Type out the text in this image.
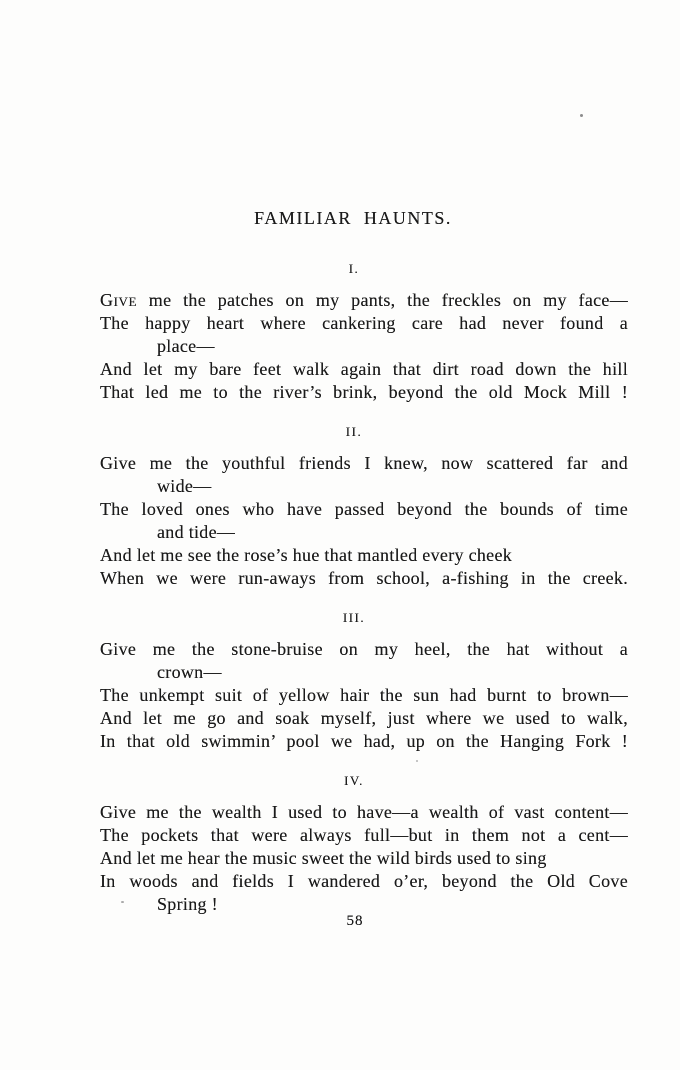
FAMILIAR HAUNTS.
I.
Give me the patches on my pants, the freckles on my face—
The happy heart where cankering care had never found a
place—
And let my bare feet walk again that dirt road down the hill
That led me to the river’s brink, beyond the old Mock Mill !
II.
Give me the youthful friends I knew, now scattered far and
wide—
The loved ones who have passed beyond the bounds of time
and tide—
And let me see the rose’s hue that mantled every cheek
When we were run-aways from school, a-fishing in the creek.
III.
Give me the stone-bruise on my heel, the hat without a
crown—
The unkempt suit of yellow hair the sun had burnt to brown—
And let me go and soak myself, just where we used to walk,
In that old swimmin’ pool we had, up on the Hanging Fork !
IV.
Give me the wealth I used to have—a wealth of vast content—
The pockets that were always full—but in them not a cent—
And let me hear the music sweet the wild birds used to sing
In woods and fields I wandered o’er, beyond the Old Cove
Spring !
58
